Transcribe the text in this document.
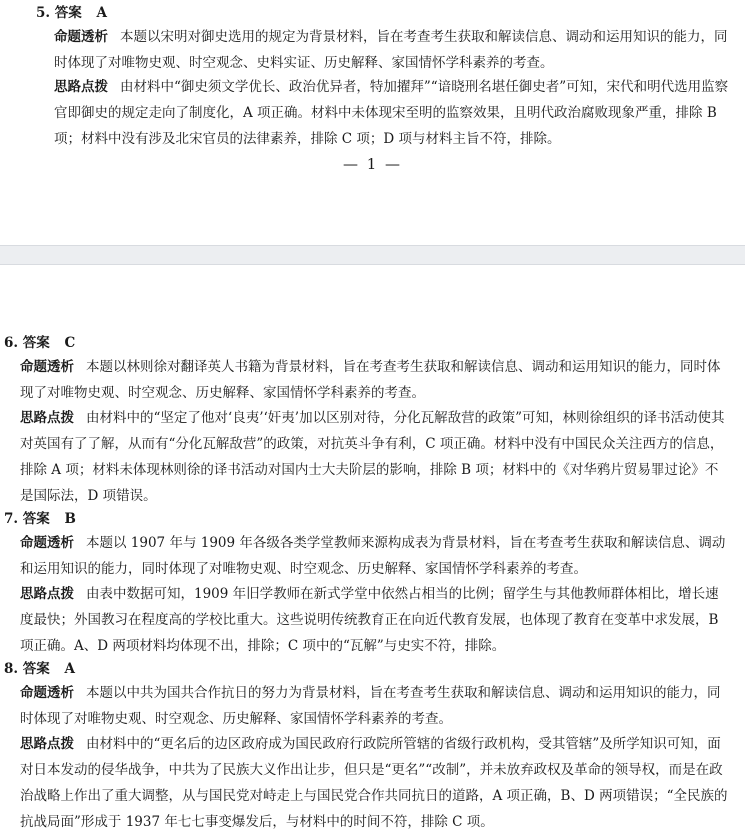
5. 答案 A
命题透析 本题以宋明对御史选用的规定为背景材料，旨在考查考生获取和解读信息、调动和运用知识的能力，同时体现了对唯物史观、时空观念、史料实证、历史解释、家国情怀学科素养的考查。
思路点拨 由材料中“御史须文学优长、政治优异者，特加擢拜”“谙晓刑名堪任御史者”可知，宋代和明代选用监察官即御史的规定走向了制度化，A 项正确。材料中未体现宋至明的监察效果，且明代政治腐败现象严重，排除 B 项；材料中没有涉及北宋官员的法律素养，排除 C 项；D 项与材料主旨不符，排除。
— 1 —
6. 答案 C
命题透析 本题以林则徐对翻译英人书籍为背景材料，旨在考查考生获取和解读信息、调动和运用知识的能力，同时体现了对唯物史观、时空观念、历史解释、家国情怀学科素养的考查。
思路点拨 由材料中的“坚定了他对‘良夷’‘奸夷’加以区别对待，分化瓦解敌营的政策”可知，林则徐组织的译书活动使其对英国有了了解，从而有“分化瓦解敌营”的政策，对抗英斗争有利，C 项正确。材料中没有中国民众关注西方的信息，排除 A 项；材料未体现林则徐的译书活动对国内士大夫阶层的影响，排除 B 项；材料中的《对华鸦片贸易罪过论》不是国际法，D 项错误。
7. 答案 B
命题透析 本题以 1907 年与 1909 年各级各类学堂教师来源构成表为背景材料，旨在考查考生获取和解读信息、调动和运用知识的能力，同时体现了对唯物史观、时空观念、历史解释、家国情怀学科素养的考查。
思路点拨 由表中数据可知，1909 年旧学教师在新式学堂中依然占相当的比例；留学生与其他教师群体相比，增长速度最快；外国教习在程度高的学校比重大。这些说明传统教育正在向近代教育发展，也体现了教育在变革中求发展，B 项正确。A、D 两项材料均体现不出，排除；C 项中的“瓦解”与史实不符，排除。
8. 答案 A
命题透析 本题以中共为国共合作抗日的努力为背景材料，旨在考查考生获取和解读信息、调动和运用知识的能力，同时体现了对唯物史观、时空观念、历史解释、家国情怀学科素养的考查。
思路点拨 由材料中的“更名后的边区政府成为国民政府行政院所管辖的省级行政机构，受其管辖”及所学知识可知，面对日本发动的侵华战争，中共为了民族大义作出让步，但只是“更名”“改制”，并未放弃政权及革命的领导权，而是在政治战略上作出了重大调整，从与国民党对峙走上与国民党合作共同抗日的道路，A 项正确，B、D 两项错误；“全民族的抗战局面”形成于 1937 年七七事变爆发后，与材料中的时间不符，排除 C 项。
